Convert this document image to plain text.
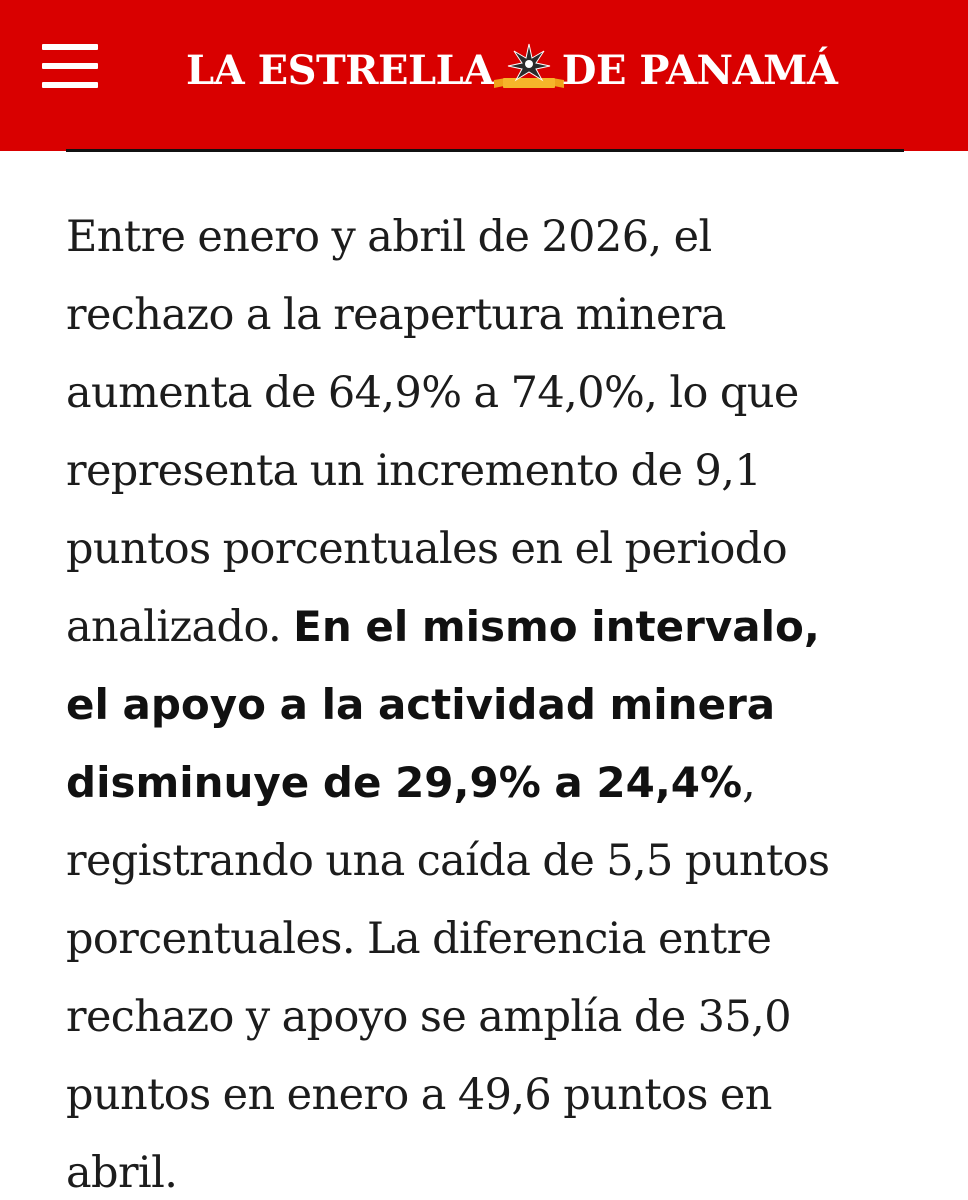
LA ESTRELLA DE PANAMÁ

Entre enero y abril de 2026, el
rechazo a la reapertura minera
aumenta de 64,9% a 74,0%, lo que
representa un incremento de 9,1
puntos porcentuales en el periodo
analizado. En el mismo intervalo,
el apoyo a la actividad minera
disminuye de 29,9% a 24,4%,
registrando una caída de 5,5 puntos
porcentuales. La diferencia entre
rechazo y apoyo se amplía de 35,0
puntos en enero a 49,6 puntos en
abril.
